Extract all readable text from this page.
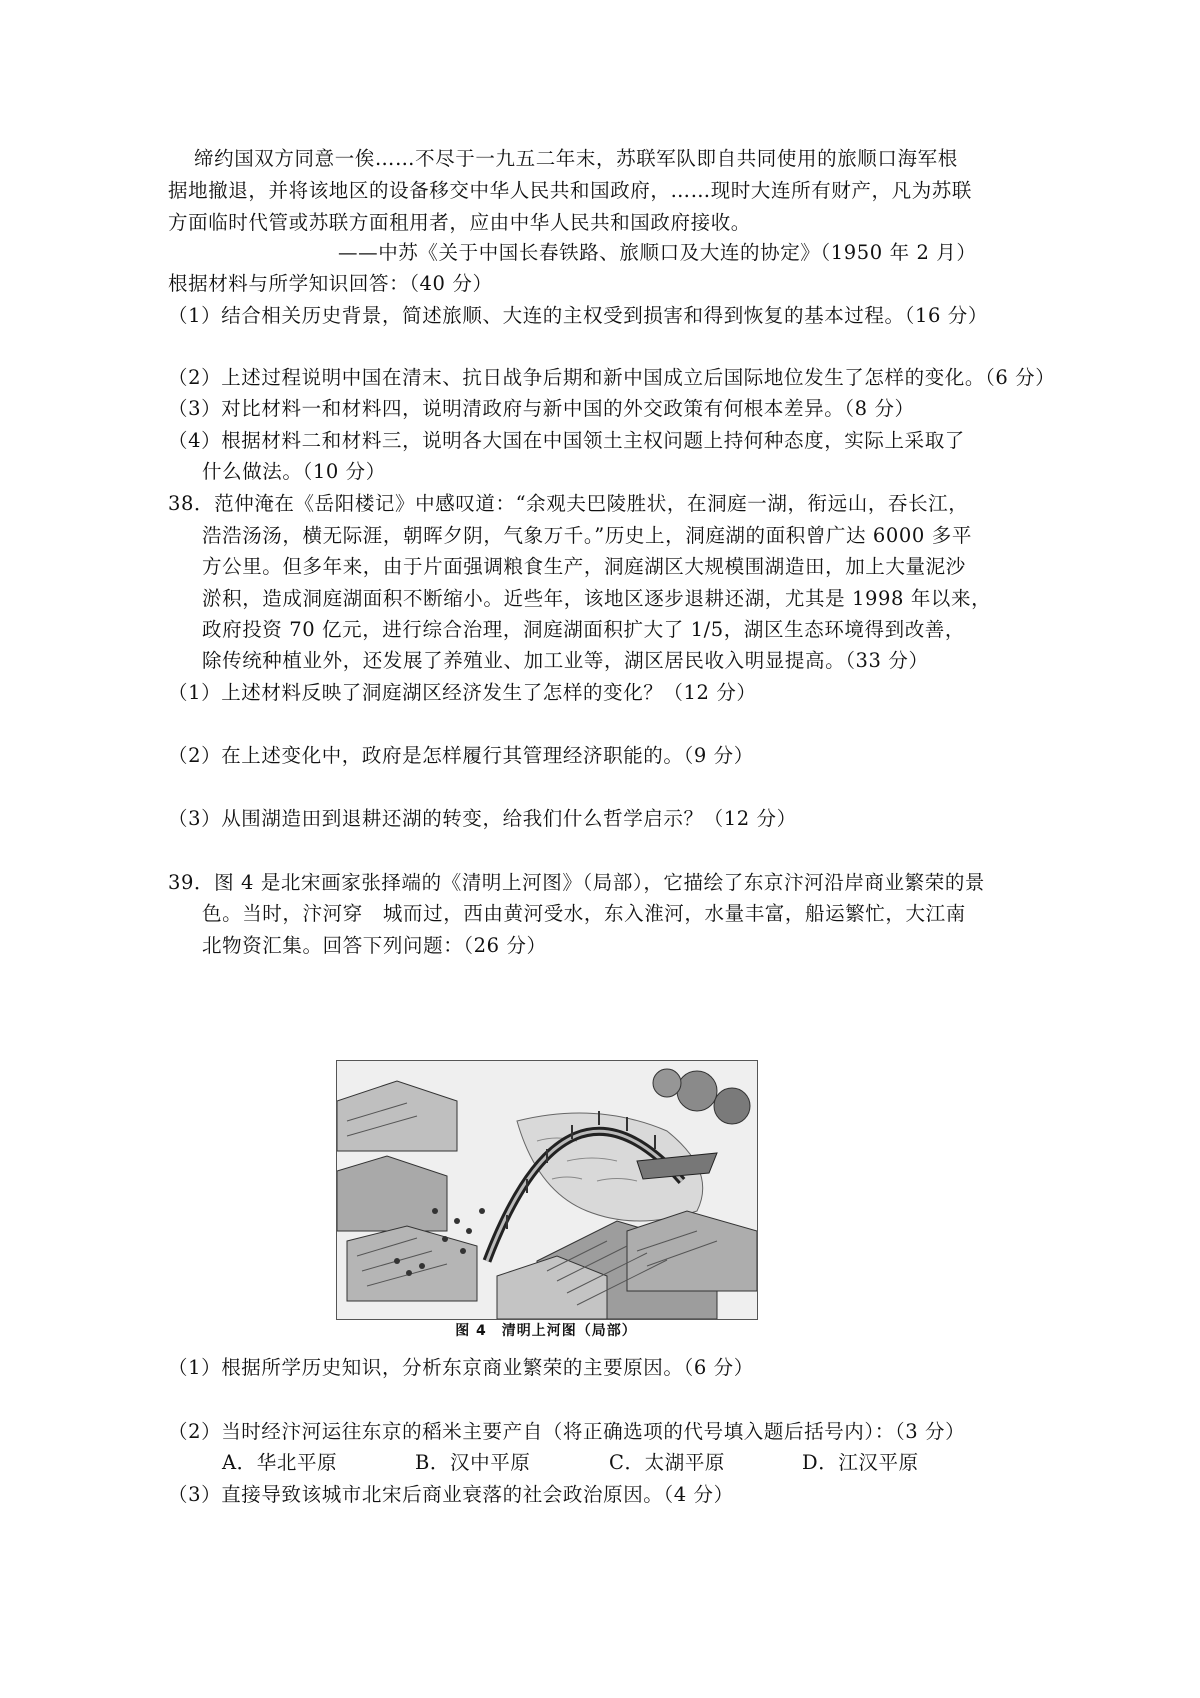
缔约国双方同意一俟……不尽于一九五二年末，苏联军队即自共同使用的旅顺口海军根
据地撤退，并将该地区的设备移交中华人民共和国政府，……现时大连所有财产，凡为苏联
方面临时代管或苏联方面租用者，应由中华人民共和国政府接收。
——中苏《关于中国长春铁路、旅顺口及大连的协定》（1950 年 2 月）
根据材料与所学知识回答：（40 分）
（1）结合相关历史背景，简述旅顺、大连的主权受到损害和得到恢复的基本过程。（16 分）
（2）上述过程说明中国在清末、抗日战争后期和新中国成立后国际地位发生了怎样的变化。（6 分）
（3）对比材料一和材料四，说明清政府与新中国的外交政策有何根本差异。（8 分）
（4）根据材料二和材料三，说明各大国在中国领土主权问题上持何种态度，实际上采取了
什么做法。（10 分）
38．范仲淹在《岳阳楼记》中感叹道：“余观夫巴陵胜状，在洞庭一湖，衔远山，吞长江，
浩浩汤汤，横无际涯，朝晖夕阴，气象万千。”历史上，洞庭湖的面积曾广达 6000 多平
方公里。但多年来，由于片面强调粮食生产，洞庭湖区大规模围湖造田，加上大量泥沙
淤积，造成洞庭湖面积不断缩小。近些年，该地区逐步退耕还湖，尤其是 1998 年以来，
政府投资 70 亿元，进行综合治理，洞庭湖面积扩大了 1/5，湖区生态环境得到改善，
除传统种植业外，还发展了养殖业、加工业等，湖区居民收入明显提高。（33 分）
（1）上述材料反映了洞庭湖区经济发生了怎样的变化？（12 分）
（2）在上述变化中，政府是怎样履行其管理经济职能的。（9 分）
（3）从围湖造田到退耕还湖的转变，给我们什么哲学启示？（12 分）
39．图 4 是北宋画家张择端的《清明上河图》（局部），它描绘了东京汴河沿岸商业繁荣的景
色。当时，汴河穿　城而过，西由黄河受水，东入淮河，水量丰富，船运繁忙，大江南
北物资汇集。回答下列问题：（26 分）
图 4　清明上河图（局部）
（1）根据所学历史知识，分析东京商业繁荣的主要原因。（6 分）
（2）当时经汴河运往东京的稻米主要产自（将正确选项的代号填入题后括号内）：（3 分）
A．华北平原	B．汉中平原	C．太湖平原	D．江汉平原
（3）直接导致该城市北宋后商业衰落的社会政治原因。（4 分）
